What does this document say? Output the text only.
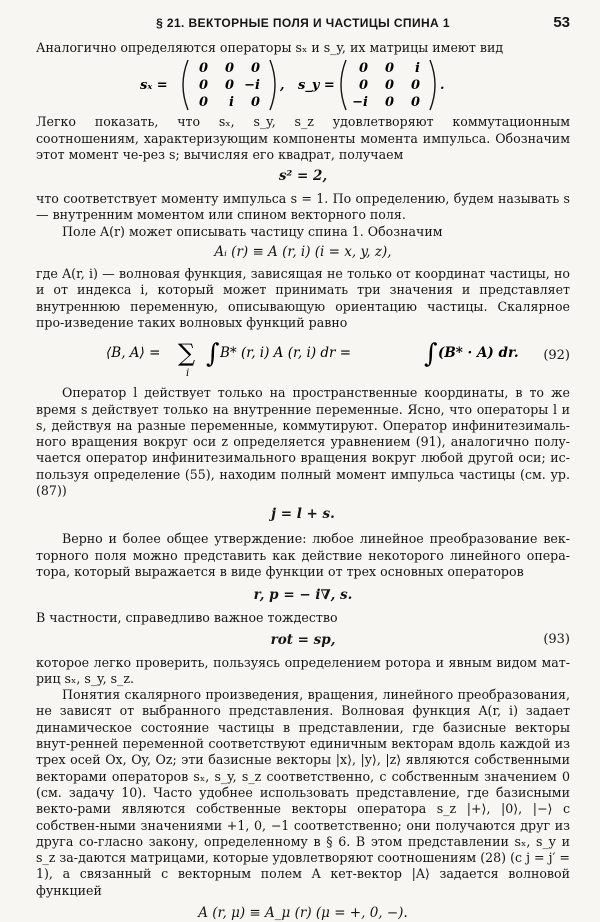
§ 21. ВЕКТОРНЫЕ ПОЛЯ И ЧАСТИЦЫ СПИНА 1	53

Аналогично определяются операторы sₓ и s_y, их матрицы имеют вид

sₓ =
0 0 0
0 0 −i
0 i 0
, s_y =
0 0 i
0 0 0
−i 0 0
.

Легко показать, что sₓ, s_y, s_z удовлетворяют коммутационным соотношениям, характеризующим компоненты момента импульса. Обозначим этот момент че-рез s; вычисляя его квадрат, получаем

s² = 2,

что соответствует моменту импульса s = 1. По определению, будем называть s — внутренним моментом или спином векторного поля.

Поле A(r) может описывать частицу спина 1. Обозначим

Aᵢ (r) ≡ A (r, i) (i = x, y, z),

где A(r, i) — волновая функция, зависящая не только от координат частицы, но и от индекса i, который может принимать три значения и представляет внутреннюю переменную, описывающую ориентацию частицы. Скалярное про-изведение таких волновых функций равно

⟨B, A⟩ = ∑
i
∫ B* (r, i) A (r, i) dr =	∫ (B* · A) dr. (92)

Оператор l действует только на пространственные координаты, в то же время s действует только на внутренние переменные. Ясно, что операторы l и s, действуя на разные переменные, коммутируют. Оператор инфинитезималь-ного вращения вокруг оси z определяется уравнением (91), аналогично полу-чается оператор инфинитезимального вращения вокруг любой другой оси; ис-пользуя определение (55), находим полный момент импульса частицы (см. ур. (87))

j = l + s.

Верно и более общее утверждение: любое линейное преобразование век-торного поля можно представить как действие некоторого линейного опера-тора, который выражается в виде функции от трех основных операторов

r, p = − i∇, s.

В частности, справедливо важное тождество

rot = sp,	(93)

которое легко проверить, пользуясь определением ротора и явным видом мат-риц sₓ, s_y, s_z.

Понятия скалярного произведения, вращения, линейного преобразования, не зависят от выбранного представления. Волновая функция A(r, i) задает динамическое состояние частицы в представлении, где базисные векторы внут-ренней переменной соответствуют единичным векторам вдоль каждой из трех осей Ox, Oy, Oz; эти базисные векторы |x⟩, |y⟩, |z⟩ являются собственными векторами операторов sₓ, s_y, s_z соответственно, с собственным значением 0 (см. задачу 10). Часто удобнее использовать представление, где базисными векто-рами являются собственные векторы оператора s_z |+⟩, |0⟩, |−⟩ с собствен-ными значениями +1, 0, −1 соответственно; они получаются друг из друга со-гласно закону, определенному в § 6. В этом представлении sₓ, s_y и s_z за-даются матрицами, которые удовлетворяют соотношениям (28) (с j = j′ = 1), а связанный с векторным полем A кет-вектор |A⟩ задается волновой функцией

A (r, μ) ≡ A_μ (r) (μ = +, 0, −).
